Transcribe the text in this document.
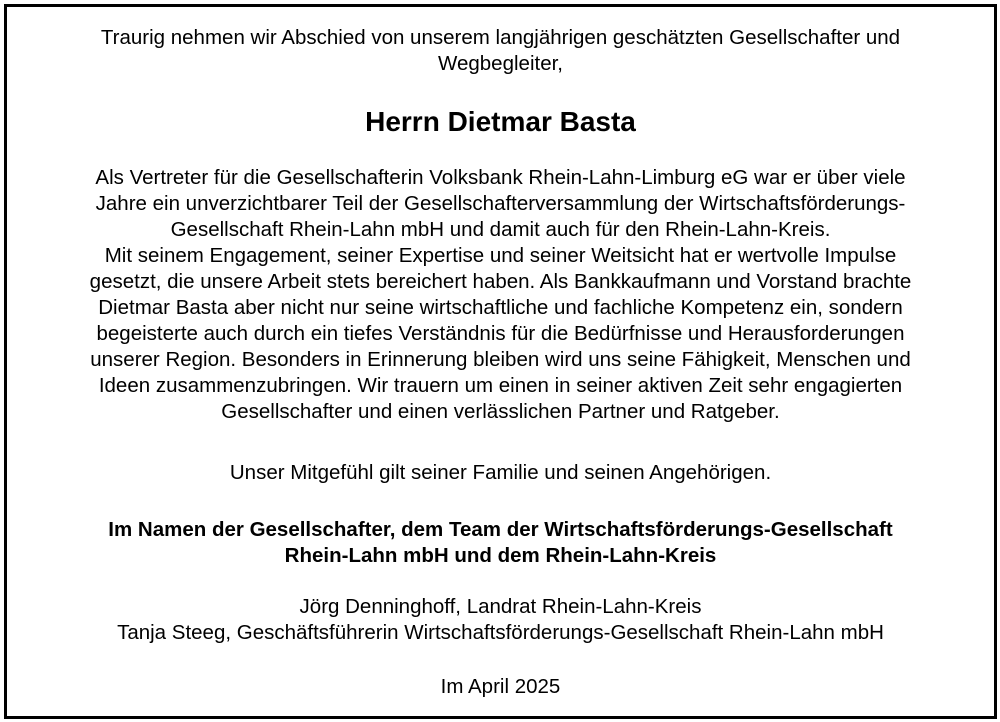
Traurig nehmen wir Abschied von unserem langjährigen geschätzten Gesellschafter und
Wegbegleiter,
Herrn Dietmar Basta
Als Vertreter für die Gesellschafterin Volksbank Rhein-Lahn-Limburg eG war er über viele
Jahre ein unverzichtbarer Teil der Gesellschafterversammlung der Wirtschaftsförderungs-
Gesellschaft Rhein-Lahn mbH und damit auch für den Rhein-Lahn-Kreis.
Mit seinem Engagement, seiner Expertise und seiner Weitsicht hat er wertvolle Impulse
gesetzt, die unsere Arbeit stets bereichert haben. Als Bankkaufmann und Vorstand brachte
Dietmar Basta aber nicht nur seine wirtschaftliche und fachliche Kompetenz ein, sondern
begeisterte auch durch ein tiefes Verständnis für die Bedürfnisse und Herausforderungen
unserer Region. Besonders in Erinnerung bleiben wird uns seine Fähigkeit, Menschen und
Ideen zusammenzubringen. Wir trauern um einen in seiner aktiven Zeit sehr engagierten
Gesellschafter und einen verlässlichen Partner und Ratgeber.
Unser Mitgefühl gilt seiner Familie und seinen Angehörigen.
Im Namen der Gesellschafter, dem Team der Wirtschaftsförderungs-Gesellschaft
Rhein-Lahn mbH und dem Rhein-Lahn-Kreis
Jörg Denninghoff, Landrat Rhein-Lahn-Kreis
Tanja Steeg, Geschäftsführerin Wirtschaftsförderungs-Gesellschaft Rhein-Lahn mbH
Im April 2025
